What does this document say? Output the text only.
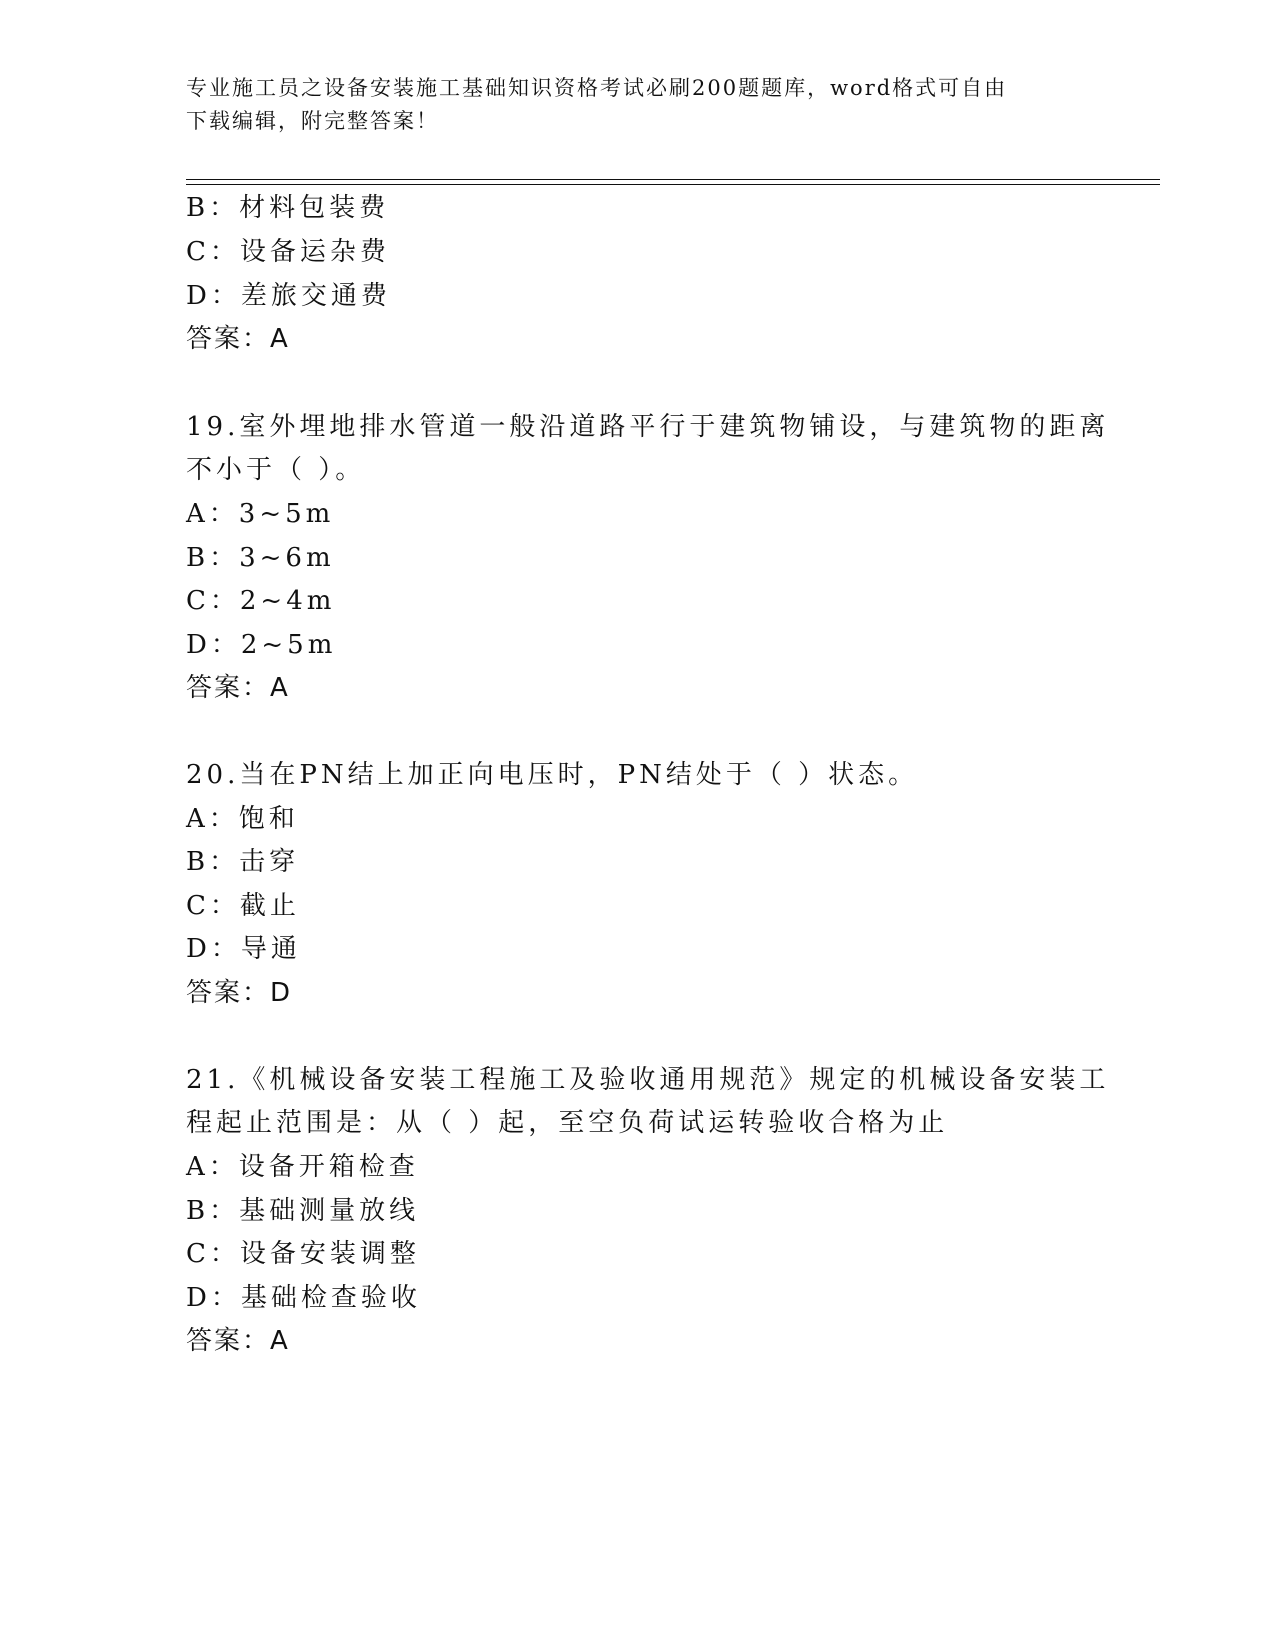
专业施工员之设备安装施工基础知识资格考试必刷200题题库，word格式可自由
下载编辑，附完整答案！
B：材料包装费
C：设备运杂费
D：差旅交通费
答案：A
19.室外埋地排水管道一般沿道路平行于建筑物铺设，与建筑物的距离
不小于（ ）。
A：3~5m
B：3~6m
C：2~4m
D：2~5m
答案：A
20.当在PN结上加正向电压时，PN结处于（ ）状态。
A：饱和
B：击穿
C：截止
D：导通
答案：D
21.《机械设备安装工程施工及验收通用规范》规定的机械设备安装工
程起止范围是：从（ ）起，至空负荷试运转验收合格为止
A：设备开箱检查
B：基础测量放线
C：设备安装调整
D：基础检查验收
答案：A
